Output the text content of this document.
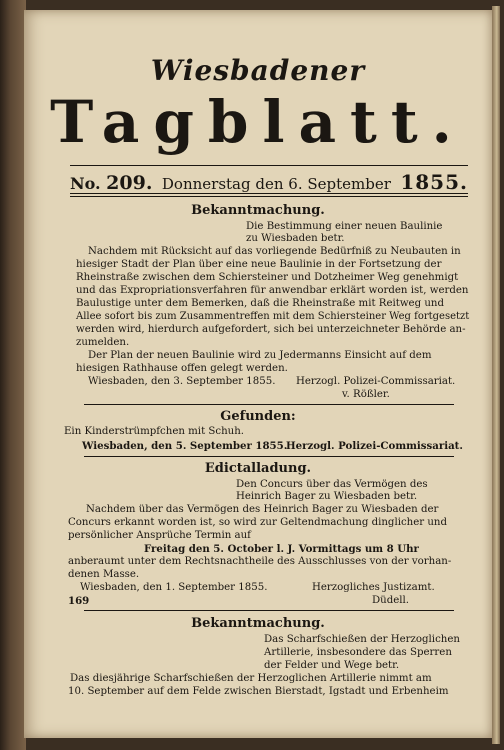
Wiesbadener
Tagblatt.
No. 209. Donnerstag den 6. September 1855.
Bekanntmachung.
Die Bestimmung einer neuen Baulinie
zu Wiesbaden betr.
Nachdem mit Rücksicht auf das vorliegende Bedürfniß zu Neubauten in
hiesiger Stadt der Plan über eine neue Baulinie in der Fortsetzung der
Rheinstraße zwischen dem Schiersteiner und Dotzheimer Weg genehmigt
und das Expropriationsverfahren für anwendbar erklärt worden ist, werden
Baulustige unter dem Bemerken, daß die Rheinstraße mit Reitweg und
Allee sofort bis zum Zusammentreffen mit dem Schiersteiner Weg fortgesetzt
werden wird, hierdurch aufgefordert, sich bei unterzeichneter Behörde an-
zumelden.
Der Plan der neuen Baulinie wird zu Jedermanns Einsicht auf dem
hiesigen Rathhause offen gelegt werden.
Wiesbaden, den 3. September 1855. Herzogl. Polizei-Commissariat.
v. Rößler.
Gefunden:
Ein Kinderstrümpfchen mit Schuh.
Wiesbaden, den 5. September 1855.
Herzogl. Polizei-Commissariat.
Edictalladung.
Den Concurs über das Vermögen des
Heinrich Bager zu Wiesbaden betr.
Nachdem über das Vermögen des Heinrich Bager zu Wiesbaden der
Concurs erkannt worden ist, so wird zur Geltendmachung dinglicher und
persönlicher Ansprüche Termin auf
Freitag den 5. October l. J. Vormittags um 8 Uhr
anberaumt unter dem Rechtsnachtheile des Ausschlusses von der vorhan-
denen Masse.
Wiesbaden, den 1. September 1855.	Herzogliches Justizamt.
169	Düdell.
Bekanntmachung.
Das Scharfschießen der Herzoglichen
Artillerie, insbesondere das Sperren
der Felder und Wege betr.
Das diesjährige Scharfschießen der Herzoglichen Artillerie nimmt am
10. September auf dem Felde zwischen Bierstadt, Igstadt und Erbenheim
